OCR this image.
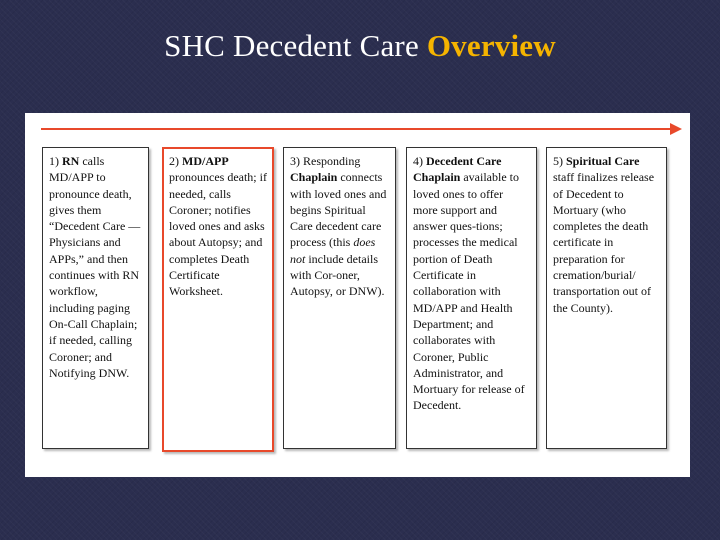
SHC Decedent Care Overview
1) RN calls MD/APP to pronounce death, gives them “Decedent Care — Physicians and APPs,” and then continues with RN workflow, including paging On-Call Chaplain; if needed, calling Coroner; and Notifying DNW.
2) MD/APP pronounces death; if needed, calls Coroner; notifies loved ones and asks about Autopsy; and completes Death Certificate Worksheet.
3) Responding Chaplain connects with loved ones and begins Spiritual Care decedent care process (this does not include details with Cor-oner, Autopsy, or DNW).
4) Decedent Care Chaplain available to loved ones to offer more support and answer ques-tions; processes the medical portion of Death Certificate in collaboration with MD/APP and Health Department; and collaborates with Coroner, Public Administrator, and Mortuary for release of Decedent.
5) Spiritual Care staff finalizes release of Decedent to Mortuary (who completes the death certificate in preparation for cremation/burial/ transportation out of the County).
